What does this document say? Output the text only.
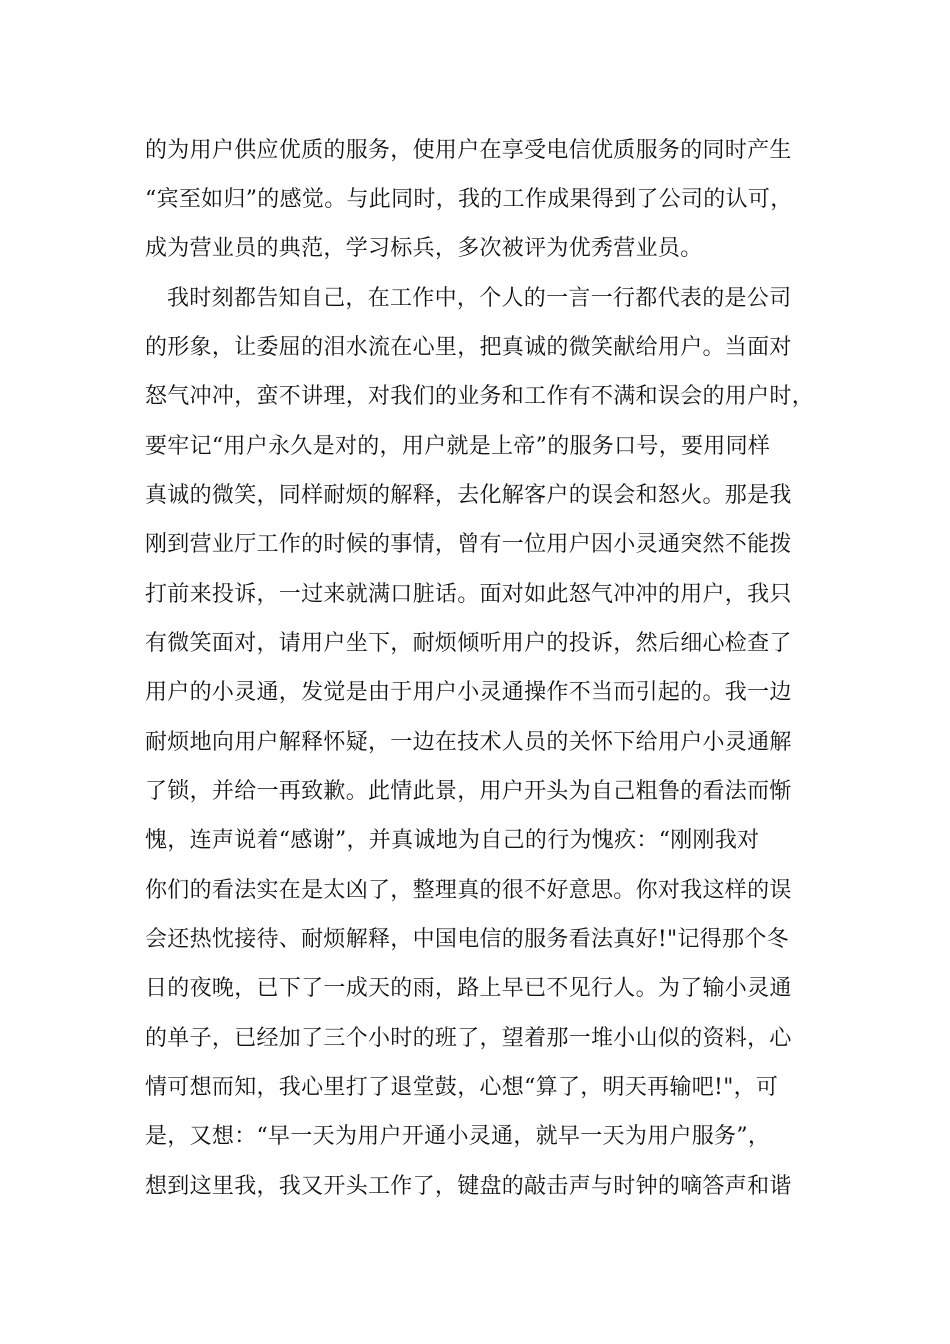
的为用户供应优质的服务，使用户在享受电信优质服务的同时产生
“宾至如归”的感觉。与此同时，我的工作成果得到了公司的认可，
成为营业员的典范，学习标兵，多次被评为优秀营业员。
我时刻都告知自己，在工作中，个人的一言一行都代表的是公司
的形象，让委屈的泪水流在心里，把真诚的微笑献给用户。当面对
怒气冲冲，蛮不讲理，对我们的业务和工作有不满和误会的用户时，
要牢记“用户永久是对的，用户就是上帝”的服务口号，要用同样
真诚的微笑，同样耐烦的解释，去化解客户的误会和怒火。那是我
刚到营业厅工作的时候的事情，曾有一位用户因小灵通突然不能拨
打前来投诉，一过来就满口脏话。面对如此怒气冲冲的用户，我只
有微笑面对，请用户坐下，耐烦倾听用户的投诉，然后细心检查了
用户的小灵通，发觉是由于用户小灵通操作不当而引起的。我一边
耐烦地向用户解释怀疑，一边在技术人员的关怀下给用户小灵通解
了锁，并给一再致歉。此情此景，用户开头为自己粗鲁的看法而惭
愧，连声说着“感谢”，并真诚地为自己的行为愧疚：“刚刚我对
你们的看法实在是太凶了，整理真的很不好意思。你对我这样的误
会还热忱接待、耐烦解释，中国电信的服务看法真好!"记得那个冬
日的夜晚，已下了一成天的雨，路上早已不见行人。为了输小灵通
的单子，已经加了三个小时的班了，望着那一堆小山似的资料，心
情可想而知，我心里打了退堂鼓，心想“算了，明天再输吧!"，可
是，又想：“早一天为用户开通小灵通，就早一天为用户服务”，
想到这里我，我又开头工作了，键盘的敲击声与时钟的嘀答声和谐
